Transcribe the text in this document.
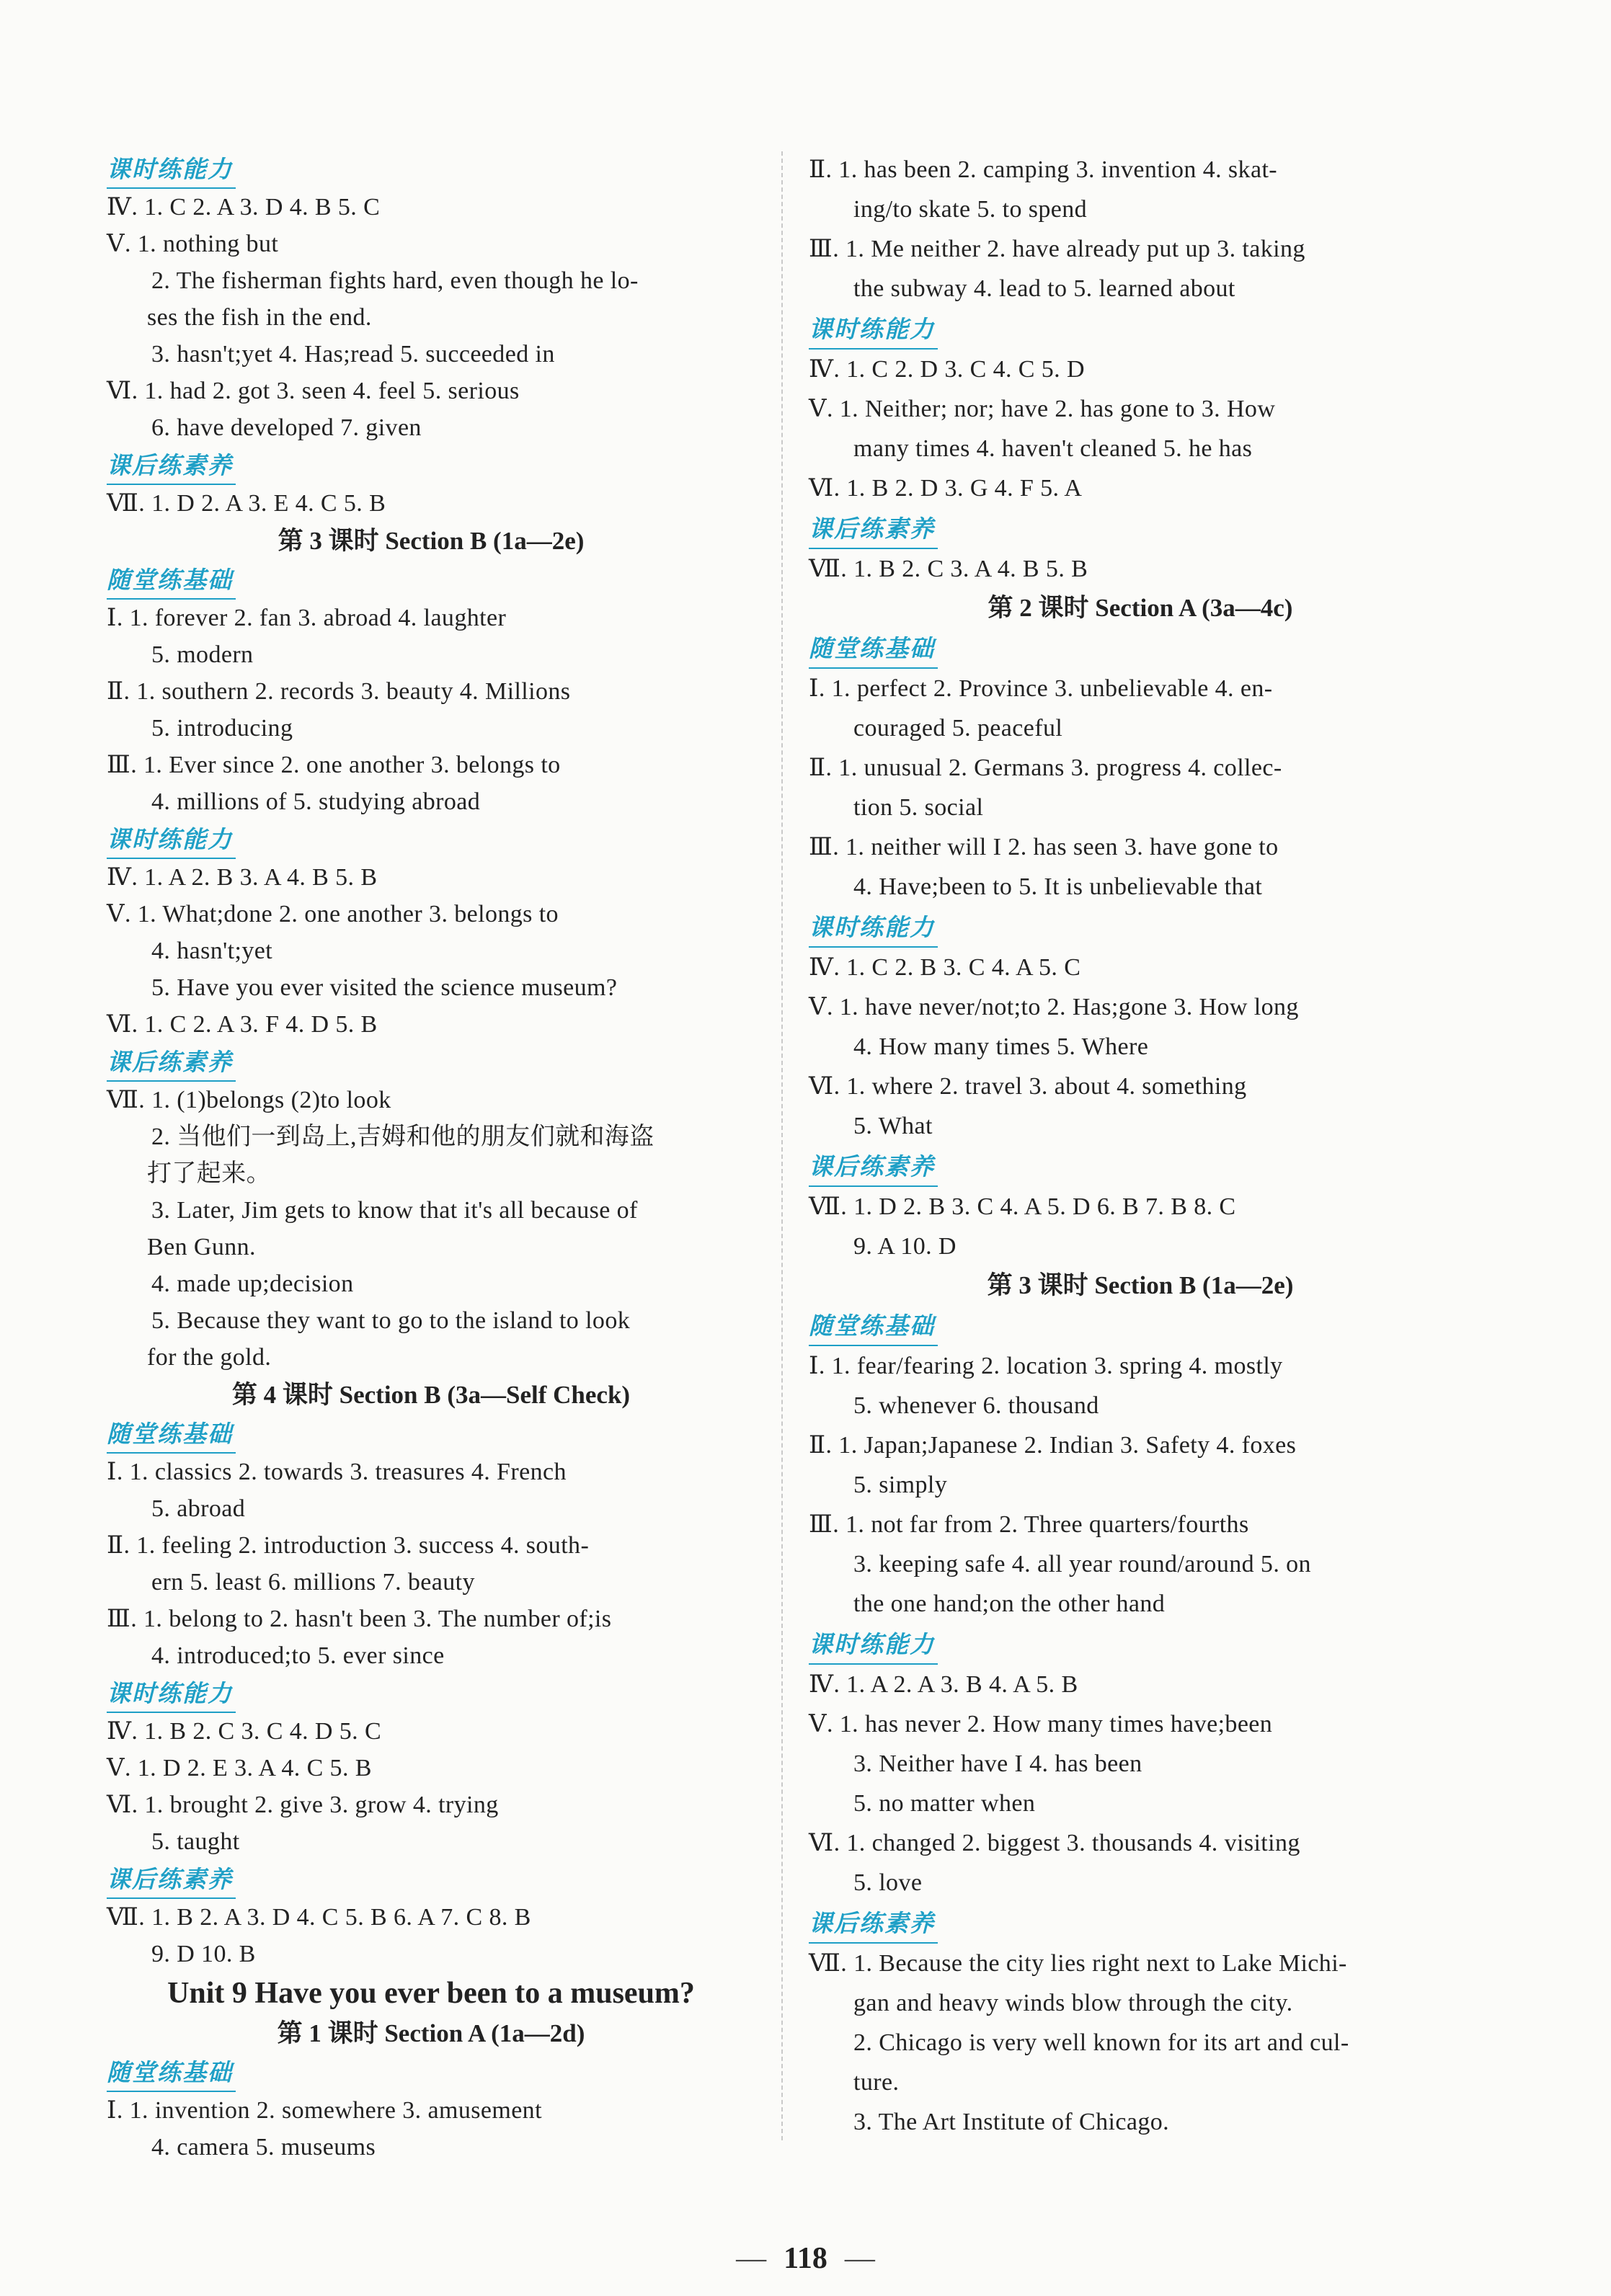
课时练能力
Ⅳ. 1. C 2. A 3. D 4. B 5. C
Ⅴ. 1. nothing but
2. The fisherman fights hard, even though he lo-
ses the fish in the end.
3. hasn't;yet 4. Has;read 5. succeeded in
Ⅵ. 1. had 2. got 3. seen 4. feel 5. serious
6. have developed 7. given
课后练素养
Ⅶ. 1. D 2. A 3. E 4. C 5. B
第 3 课时 Section B (1a—2e)
随堂练基础
Ⅰ. 1. forever 2. fan 3. abroad 4. laughter
5. modern
Ⅱ. 1. southern 2. records 3. beauty 4. Millions
5. introducing
Ⅲ. 1. Ever since 2. one another 3. belongs to
4. millions of 5. studying abroad
课时练能力
Ⅳ. 1. A 2. B 3. A 4. B 5. B
Ⅴ. 1. What;done 2. one another 3. belongs to
4. hasn't;yet
5. Have you ever visited the science museum?
Ⅵ. 1. C 2. A 3. F 4. D 5. B
课后练素养
Ⅶ. 1. (1)belongs (2)to look
2. 当他们一到岛上,吉姆和他的朋友们就和海盗
打了起来。
3. Later, Jim gets to know that it's all because of
Ben Gunn.
4. made up;decision
5. Because they want to go to the island to look
for the gold.
第 4 课时 Section B (3a—Self Check)
随堂练基础
Ⅰ. 1. classics 2. towards 3. treasures 4. French
5. abroad
Ⅱ. 1. feeling 2. introduction 3. success 4. south-
ern 5. least 6. millions 7. beauty
Ⅲ. 1. belong to 2. hasn't been 3. The number of;is
4. introduced;to 5. ever since
课时练能力
Ⅳ. 1. B 2. C 3. C 4. D 5. C
Ⅴ. 1. D 2. E 3. A 4. C 5. B
Ⅵ. 1. brought 2. give 3. grow 4. trying
5. taught
课后练素养
Ⅶ. 1. B 2. A 3. D 4. C 5. B 6. A 7. C 8. B
9. D 10. B
Unit 9 Have you ever been to a museum?
第 1 课时 Section A (1a—2d)
随堂练基础
Ⅰ. 1. invention 2. somewhere 3. amusement
4. camera 5. museums
Ⅱ. 1. has been 2. camping 3. invention 4. skat-
ing/to skate 5. to spend
Ⅲ. 1. Me neither 2. have already put up 3. taking
the subway 4. lead to 5. learned about
课时练能力
Ⅳ. 1. C 2. D 3. C 4. C 5. D
Ⅴ. 1. Neither; nor; have 2. has gone to 3. How
many times 4. haven't cleaned 5. he has
Ⅵ. 1. B 2. D 3. G 4. F 5. A
课后练素养
Ⅶ. 1. B 2. C 3. A 4. B 5. B
第 2 课时 Section A (3a—4c)
随堂练基础
Ⅰ. 1. perfect 2. Province 3. unbelievable 4. en-
couraged 5. peaceful
Ⅱ. 1. unusual 2. Germans 3. progress 4. collec-
tion 5. social
Ⅲ. 1. neither will I 2. has seen 3. have gone to
4. Have;been to 5. It is unbelievable that
课时练能力
Ⅳ. 1. C 2. B 3. C 4. A 5. C
Ⅴ. 1. have never/not;to 2. Has;gone 3. How long
4. How many times 5. Where
Ⅵ. 1. where 2. travel 3. about 4. something
5. What
课后练素养
Ⅶ. 1. D 2. B 3. C 4. A 5. D 6. B 7. B 8. C
9. A 10. D
第 3 课时 Section B (1a—2e)
随堂练基础
Ⅰ. 1. fear/fearing 2. location 3. spring 4. mostly
5. whenever 6. thousand
Ⅱ. 1. Japan;Japanese 2. Indian 3. Safety 4. foxes
5. simply
Ⅲ. 1. not far from 2. Three quarters/fourths
3. keeping safe 4. all year round/around 5. on
the one hand;on the other hand
课时练能力
Ⅳ. 1. A 2. A 3. B 4. A 5. B
Ⅴ. 1. has never 2. How many times have;been
3. Neither have I 4. has been
5. no matter when
Ⅵ. 1. changed 2. biggest 3. thousands 4. visiting
5. love
课后练素养
Ⅶ. 1. Because the city lies right next to Lake Michi-
gan and heavy winds blow through the city.
2. Chicago is very well known for its art and cul-
ture.
3. The Art Institute of Chicago.
— 118 —
